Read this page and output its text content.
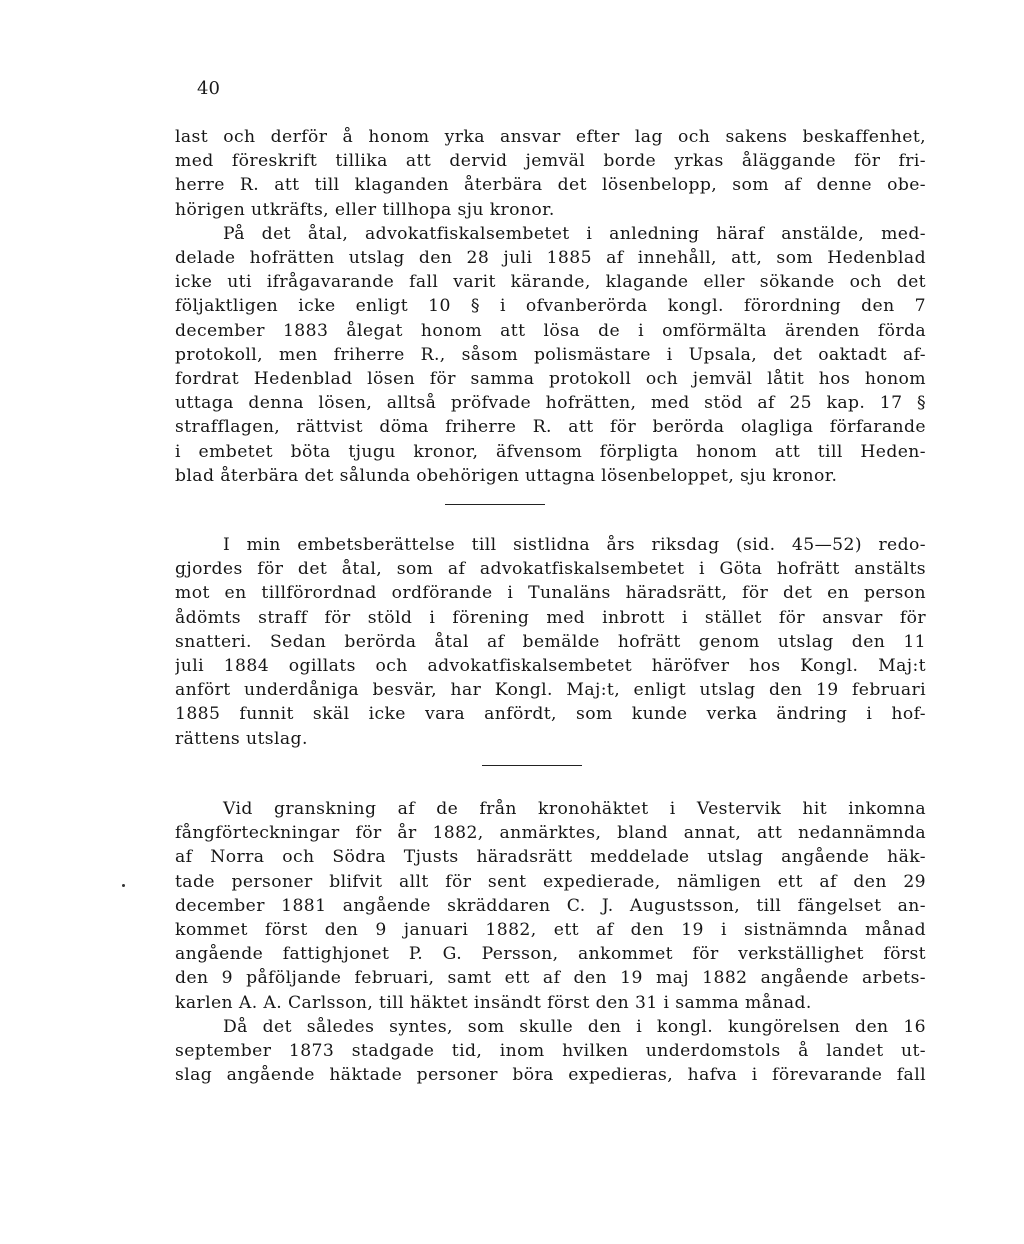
40
last och derför å honom yrka ansvar efter lag och sakens beskaffenhet,
med föreskrift tillika att dervid jemväl borde yrkas åläggande för fri-
herre R. att till klaganden återbära det lösenbelopp, som af denne obe-
hörigen utkräfts, eller tillhopa sju kronor.
På det åtal, advokatfiskalsembetet i anledning häraf anstälde, med-
delade hofrätten utslag den 28 juli 1885 af innehåll, att, som Hedenblad
icke uti ifrågavarande fall varit kärande, klagande eller sökande och det
följaktligen icke enligt 10 § i ofvanberörda kongl. förordning den 7
december 1883 ålegat honom att lösa de i omförmälta ärenden förda
protokoll, men friherre R., såsom polismästare i Upsala, det oaktadt af-
fordrat Hedenblad lösen för samma protokoll och jemväl låtit hos honom
uttaga denna lösen, alltså pröfvade hofrätten, med stöd af 25 kap. 17 §
strafflagen, rättvist döma friherre R. att för berörda olagliga förfarande
i embetet böta tjugu kronor, äfvensom förpligta honom att till Heden-
blad återbära det sålunda obehörigen uttagna lösenbeloppet, sju kronor.
I min embetsberättelse till sistlidna års riksdag (sid. 45—52) redo-
gjordes för det åtal, som af advokatfiskalsembetet i Göta hofrätt anstälts
mot en tillförordnad ordförande i Tunaläns häradsrätt, för det en person
ådömts straff för stöld i förening med inbrott i stället för ansvar för
snatteri. Sedan berörda åtal af bemälde hofrätt genom utslag den 11
juli 1884 ogillats och advokatfiskalsembetet häröfver hos Kongl. Maj:t
anfört underdåniga besvär, har Kongl. Maj:t, enligt utslag den 19 februari
1885 funnit skäl icke vara anfördt, som kunde verka ändring i hof-
rättens utslag.
Vid granskning af de från kronohäktet i Vestervik hit inkomna
fångförteckningar för år 1882, anmärktes, bland annat, att nedannämnda
af Norra och Södra Tjusts häradsrätt meddelade utslag angående häk-
tade personer blifvit allt för sent expedierade, nämligen ett af den 29
december 1881 angående skräddaren C. J. Augustsson, till fängelset an-
kommet först den 9 januari 1882, ett af den 19 i sistnämnda månad
angående fattighjonet P. G. Persson, ankommet för verkställighet först
den 9 påföljande februari, samt ett af den 19 maj 1882 angående arbets-
karlen A. A. Carlsson, till häktet insändt först den 31 i samma månad.
Då det således syntes, som skulle den i kongl. kungörelsen den 16
september 1873 stadgade tid, inom hvilken underdomstols å landet ut-
slag angående häktade personer böra expedieras, hafva i förevarande fall
